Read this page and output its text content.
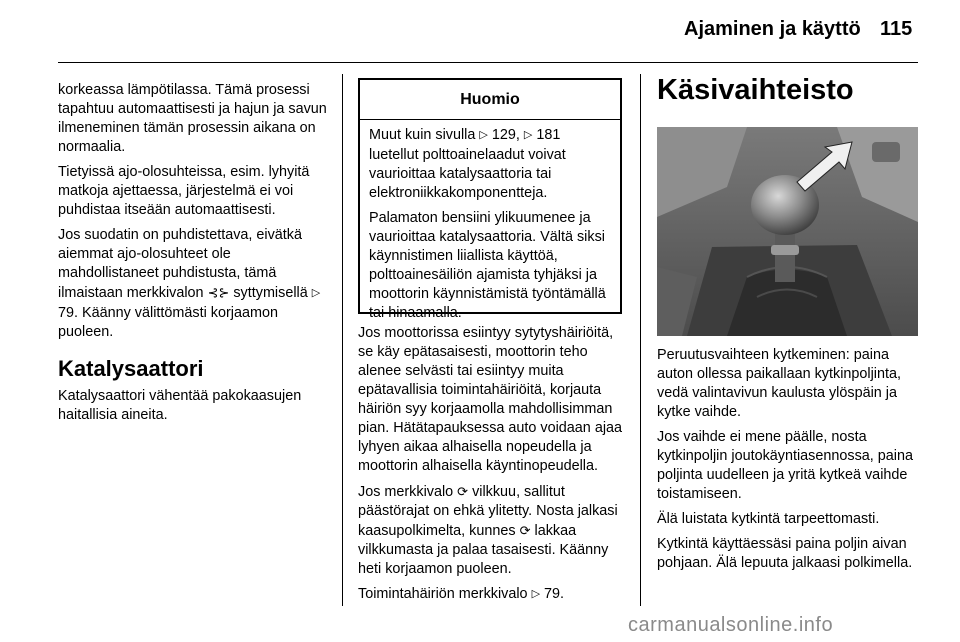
Ajaminen ja käyttö 115

korkeassa lämpötilassa. Tämä prosessi tapahtuu automaattisesti ja hajun ja savun ilmeneminen tämän prosessin aikana on normaalia.

Tietyissä ajo-olosuhteissa, esim. lyhyitä matkoja ajettaessa, järjestelmä ei voi puhdistaa itseään automaattisesti.

Jos suodatin on puhdistettava, eivätkä aiemmat ajo-olosuhteet ole mahdollistaneet puhdistusta, tämä ilmaistaan merkkivalon ⊰⊱ syttymisellä ▷ 79. Käänny välittömästi korjaamon puoleen.

Katalysaattori

Katalysaattori vähentää pakokaasujen haitallisia aineita.

Huomio

Muut kuin sivulla ▷ 129, ▷ 181 luetellut polttoainelaadut voivat vaurioittaa katalysaattoria tai elektroniikkakomponentteja.

Palamaton bensiini ylikuumenee ja vaurioittaa katalysaattoria. Vältä siksi käynnistimen liiallista käyttöä, polttoainesäiliön ajamista tyhjäksi ja moottorin käynnistämistä työntämällä tai hinaamalla.

Jos moottorissa esiintyy sytytyshäiriöitä, se käy epätasaisesti, moottorin teho alenee selvästi tai esiintyy muita epätavallisia toimintahäiriöitä, korjauta häiriön syy korjaamolla mahdollisimman pian. Hätätapauksessa auto voidaan ajaa lyhyen aikaa alhaisella nopeudella ja moottorin alhaisella käyntinopeudella.

Jos merkkivalo ⟳ vilkkuu, sallitut päästörajat on ehkä ylitetty. Nosta jalkasi kaasupolkimelta, kunnes ⟳ lakkaa vilkkumasta ja palaa tasaisesti. Käänny heti korjaamon puoleen.

Toimintahäiriön merkkivalo ▷ 79.

Käsivaihteisto

Peruutusvaihteen kytkeminen: paina auton ollessa paikallaan kytkinpoljinta, vedä valintavivun kaulusta ylöspäin ja kytke vaihde.

Jos vaihde ei mene päälle, nosta kytkinpoljin joutokäyntiasennossa, paina poljinta uudelleen ja yritä kytkeä vaihde toistamiseen.

Älä luistata kytkintä tarpeettomasti.

Kytkintä käyttäessäsi paina poljin aivan pohjaan. Älä lepuuta jalkaasi polkimella.

carmanualsonline.info
